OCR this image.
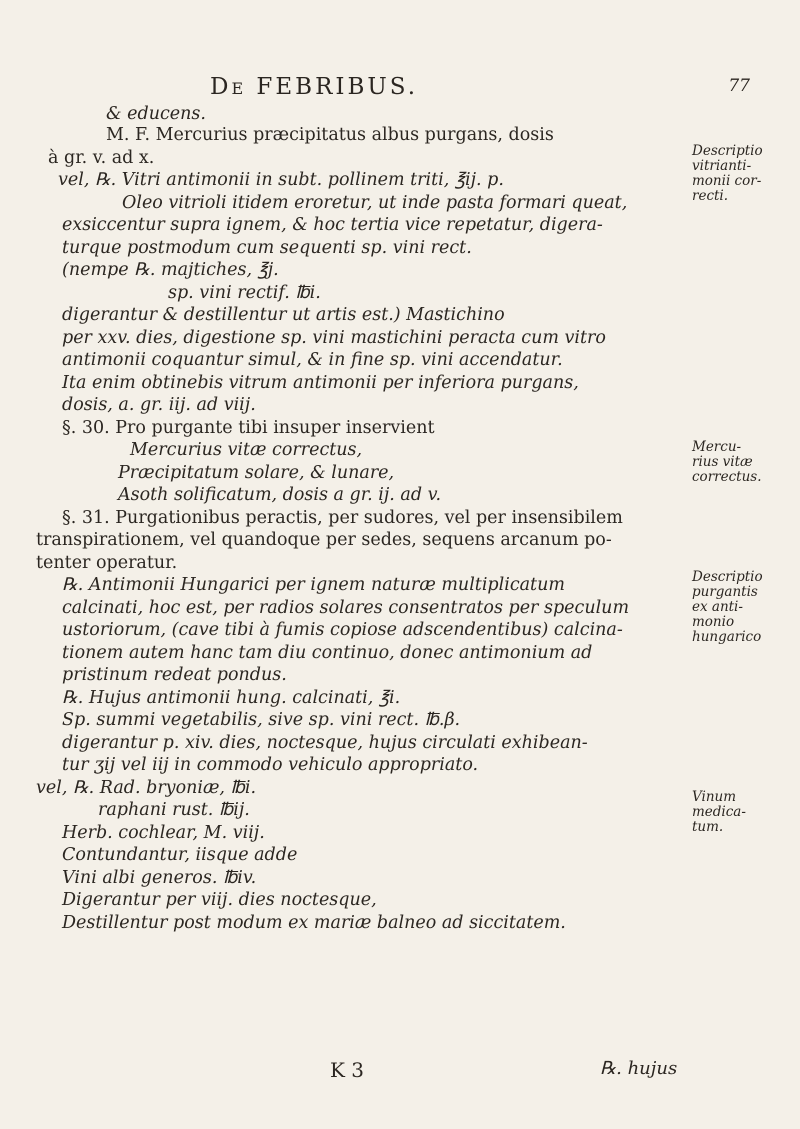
De FEBRIBUS.	77
& educens.
M. F. Mercurius præcipitatus albus purgans, dosis
à gr. v. ad x.
vel, ℞. Vitri antimonii in subt. pollinem triti, ℥ij. p.
Oleo vitrioli itidem eroretur, ut inde pasta formari queat,
exsiccentur supra ignem, & hoc tertia vice repetatur, digera-
turque postmodum cum sequenti sp. vini rect.
(nempe ℞. majtiches, ℥j.
sp. vini rectif. ℔i.
digerantur & destillentur ut artis est.) Mastichino
per xxv. dies, digestione sp. vini mastichini peracta cum vitro
antimonii coquantur simul, & in fine sp. vini accendatur.
Ita enim obtinebis vitrum antimonii per inferiora purgans,
dosis, a. gr. iij. ad viij.
§. 30. Pro purgante tibi insuper inservient
Mercurius vitæ correctus,
Præcipitatum solare, & lunare,
Asoth solificatum, dosis a gr. ij. ad v.
§. 31. Purgationibus peractis, per sudores, vel per insensibilem
transpirationem, vel quandoque per sedes, sequens arcanum po-
tenter operatur.
℞. Antimonii Hungarici per ignem naturæ multiplicatum
calcinati, hoc est, per radios solares consentratos per speculum
ustoriorum, (cave tibi à fumis copiose adscendentibus) calcina-
tionem autem hanc tam diu continuo, donec antimonium ad
pristinum redeat pondus.
℞. Hujus antimonii hung. calcinati, ℥i.
Sp. summi vegetabilis, sive sp. vini rect. ℔.β.
digerantur p. xiv. dies, noctesque, hujus circulati exhibean-
tur ʒij vel iij in commodo vehiculo appropriato.
vel, ℞. Rad. bryoniæ, ℔i.
raphani rust. ℔ij.
Herb. cochlear, M. viij.
Contundantur, iisque adde
Vini albi generos. ℔iv.
Digerantur per viij. dies noctesque,
Destillentur post modum ex mariæ balneo ad siccitatem.
Descriptio
vitrianti-
monii cor-
recti.
Mercu-
rius vitæ
correctus.
Descriptio
purgantis
ex anti-
monio
hungarico
Vinum
medica-
tum.
K 3	℞. hujus
